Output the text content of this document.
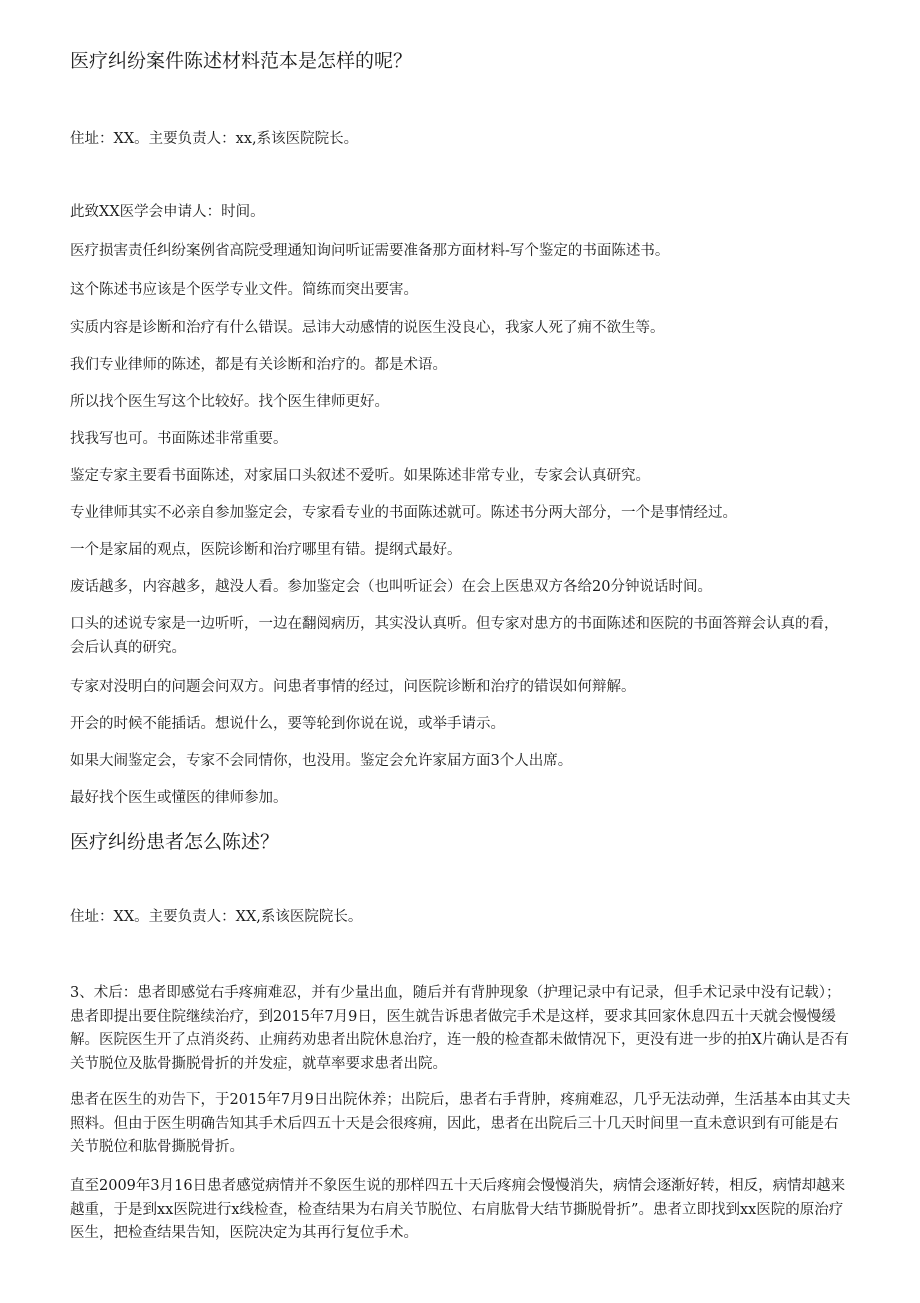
医疗纠纷案件陈述材料范本是怎样的呢？
住址：XX。主要负责人：xx,系该医院院长。
此致XX医学会申请人：时间。
医疗损害责任纠纷案例省高院受理通知询问听证需要准备那方面材料-写个鉴定的书面陈述书。
这个陈述书应该是个医学专业文件。简练而突出要害。
实质内容是诊断和治疗有什么错误。忌讳大动感情的说医生没良心，我家人死了痈不欲生等。
我们专业律师的陈述，都是有关诊断和治疗的。都是术语。
所以找个医生写这个比较好。找个医生律师更好。
找我写也可。书面陈述非常重要。
鉴定专家主要看书面陈述，对家届口头叙述不爱听。如果陈述非常专业，专家会认真研究。
专业律师其实不必亲自参加鉴定会，专家看专业的书面陈述就可。陈述书分两大部分，一个是事情经过。
一个是家届的观点，医院诊断和治疗哪里有错。提纲式最好。
废话越多，内容越多，越没人看。参加鉴定会（也叫听证会）在会上医患双方各给20分钟说话时间。
口头的述说专家是一边听听，一边在翻阅病历，其实没认真听。但专家对患方的书面陈述和医院的书面答辩会认真的看，会后认真的研究。
专家对没明白的问题会问双方。问患者事情的经过，问医院诊断和治疗的错误如何辩解。
开会的时候不能插话。想说什么，要等轮到你说在说，或举手请示。
如果大闹鉴定会，专家不会同情你，也没用。鉴定会允许家届方面3个人出席。
最好找个医生或懂医的律师参加。
医疗纠纷患者怎么陈述？
住址：XX。主要负责人：XX,系该医院院长。
3、术后：患者即感觉右手疼痈难忍，并有少量出血，随后并有背肿现象（护理记录中有记录，但手术记录中没有记载）；患者即提出要住院继续治疗，到2015年7月9日，医生就告诉患者做完手术是这样，要求其回家休息四五十天就会慢慢缓解。医院医生开了点消炎药、止痈药劝患者出院休息治疗，连一般的检查都未做情况下，更没有进一步的拍X片确认是否有关节脱位及肱骨撕脱骨折的并发症，就草率要求患者出院。
患者在医生的劝告下，于2015年7月9日出院休养；出院后，患者右手背肿，疼痈难忍，几乎无法动弹，生活基本由其丈夫照料。但由于医生明确告知其手术后四五十天是会很疼痈，因此，患者在出院后三十几天时间里一直未意识到有可能是右关节脱位和肱骨撕脱骨折。
直至2009年3月16日患者感觉病情并不象医生说的那样四五十天后疼痈会慢慢消失，病情会逐渐好转，相反，病情却越来越重，于是到xx医院进行x线检查，检查结果为右肩关节脱位、右肩肱骨大结节撕脱骨折”。患者立即找到xx医院的原治疗医生，把检查结果告知，医院决定为其再行复位手术。
